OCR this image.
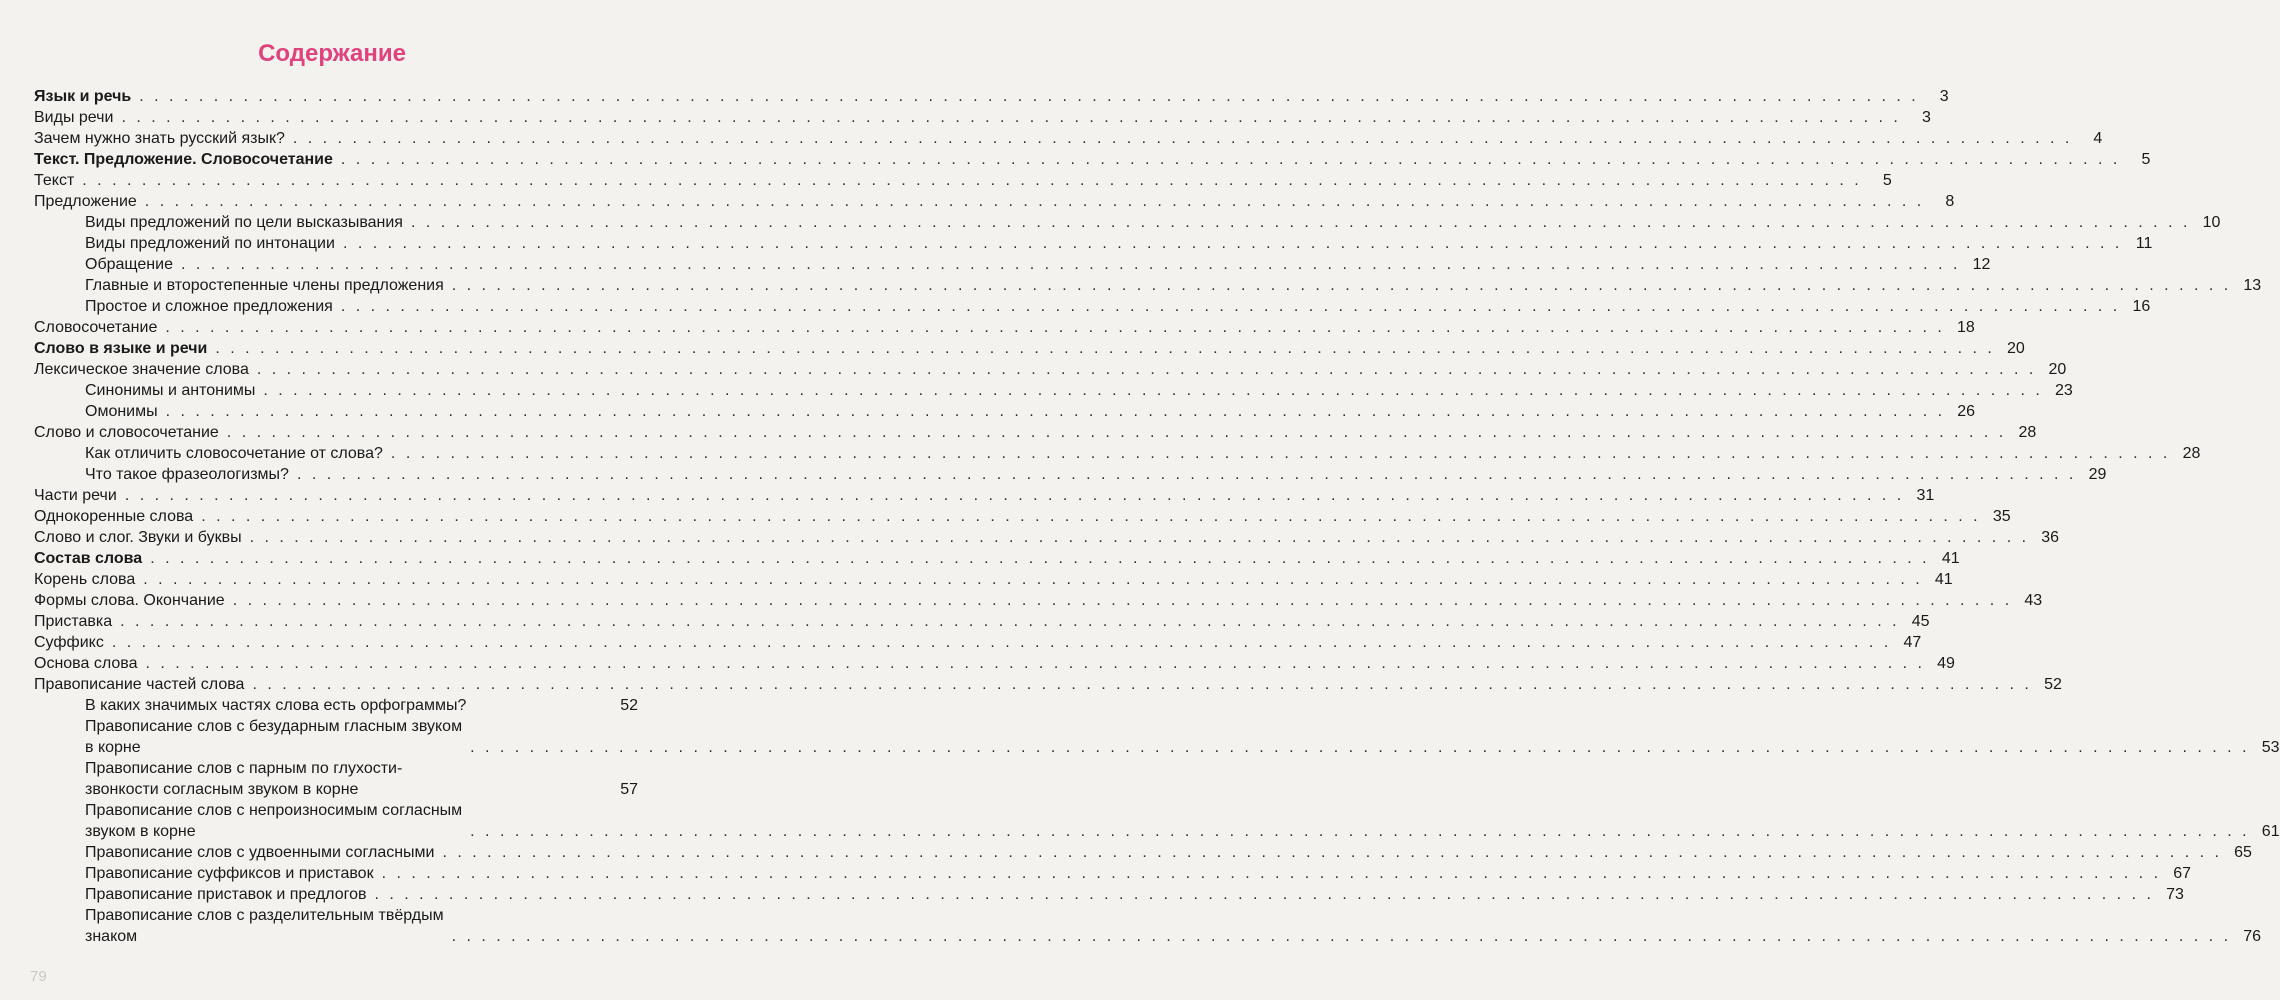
Содержание
Язык и речь . . . . . . . . . . . . . . . . . . . . . . . . . . . . . . . . . . . . . . . . . . . . . . . . . . . . . . . . . . . . . . . . . . . . . . . . . . . . . . . . . . . . . . . . . . . . . . . . . . . . . . . . . . . . . . . . . . . . . . . .	3
Виды речи . . . . . . . . . . . . . . . . . . . . . . . . . . . . . . . . . . . . . . . . . . . . . . . . . . . . . . . . . . . . . . . . . . . . . . . . . . . . . . . . . . . . . . . . . . . . . . . . . . . . . . . . . . . . . . . . . . . . . . . .	3
Зачем нужно знать русский язык? . . . . . . . . . . . . . . . . . . . . . . . . . . . . . . . . . . . . . . . . . . . . . . . . . . . . . . . . . . . . . . . . . . . . . . . . . . . . . . . . . . . . . . . . . . . . . . . . . . . . . . . . . . . . . . . . . . . . . . . .	4
Текст. Предложение. Словосочетание . . . . . . . . . . . . . . . . . . . . . . . . . . . . . . . . . . . . . . . . . . . . . . . . . . . . . . . . . . . . . . . . . . . . . . . . . . . . . . . . . . . . . . . . . . . . . . . . . . . . . . . . . . . . . . . . . . . . . . . .	5
Текст . . . . . . . . . . . . . . . . . . . . . . . . . . . . . . . . . . . . . . . . . . . . . . . . . . . . . . . . . . . . . . . . . . . . . . . . . . . . . . . . . . . . . . . . . . . . . . . . . . . . . . . . . . . . . . . . . . . . . . . .	5
Предложение . . . . . . . . . . . . . . . . . . . . . . . . . . . . . . . . . . . . . . . . . . . . . . . . . . . . . . . . . . . . . . . . . . . . . . . . . . . . . . . . . . . . . . . . . . . . . . . . . . . . . . . . . . . . . . . . . . . . . . . .	8
Виды предложений по цели высказывания . . . . . . . . . . . . . . . . . . . . . . . . . . . . . . . . . . . . . . . . . . . . . . . . . . . . . . . . . . . . . . . . . . . . . . . . . . . . . . . . . . . . . . . . . . . . . . . . . . . . . . . . . . . . . . . . . . . . . . . . 10
Виды предложений по интонации . . . . . . . . . . . . . . . . . . . . . . . . . . . . . . . . . . . . . . . . . . . . . . . . . . . . . . . . . . . . . . . . . . . . . . . . . . . . . . . . . . . . . . . . . . . . . . . . . . . . . . . . . . . . . . . . . . . . . . . . 11
Обращение . . . . . . . . . . . . . . . . . . . . . . . . . . . . . . . . . . . . . . . . . . . . . . . . . . . . . . . . . . . . . . . . . . . . . . . . . . . . . . . . . . . . . . . . . . . . . . . . . . . . . . . . . . . . . . . . . . . . . . . . 12
Главные и второстепенные члены предложения . . . . . . . . . . . . . . . . . . . . . . . . . . . . . . . . . . . . . . . . . . . . . . . . . . . . . . . . . . . . . . . . . . . . . . . . . . . . . . . . . . . . . . . . . . . . . . . . . . . . . . . . . . . . . . . . . . . . . . . . 13
Простое и сложное предложения . . . . . . . . . . . . . . . . . . . . . . . . . . . . . . . . . . . . . . . . . . . . . . . . . . . . . . . . . . . . . . . . . . . . . . . . . . . . . . . . . . . . . . . . . . . . . . . . . . . . . . . . . . . . . . . . . . . . . . . . 16
Словосочетание . . . . . . . . . . . . . . . . . . . . . . . . . . . . . . . . . . . . . . . . . . . . . . . . . . . . . . . . . . . . . . . . . . . . . . . . . . . . . . . . . . . . . . . . . . . . . . . . . . . . . . . . . . . . . . . . . . . . . . . . 18
Слово в языке и речи . . . . . . . . . . . . . . . . . . . . . . . . . . . . . . . . . . . . . . . . . . . . . . . . . . . . . . . . . . . . . . . . . . . . . . . . . . . . . . . . . . . . . . . . . . . . . . . . . . . . . . . . . . . . . . . . . . . . . . . . 20
Лексическое значение слова . . . . . . . . . . . . . . . . . . . . . . . . . . . . . . . . . . . . . . . . . . . . . . . . . . . . . . . . . . . . . . . . . . . . . . . . . . . . . . . . . . . . . . . . . . . . . . . . . . . . . . . . . . . . . . . . . . . . . . . . 20
Синонимы и антонимы . . . . . . . . . . . . . . . . . . . . . . . . . . . . . . . . . . . . . . . . . . . . . . . . . . . . . . . . . . . . . . . . . . . . . . . . . . . . . . . . . . . . . . . . . . . . . . . . . . . . . . . . . . . . . . . . . . . . . . . . 23
Омонимы . . . . . . . . . . . . . . . . . . . . . . . . . . . . . . . . . . . . . . . . . . . . . . . . . . . . . . . . . . . . . . . . . . . . . . . . . . . . . . . . . . . . . . . . . . . . . . . . . . . . . . . . . . . . . . . . . . . . . . . . 26
Слово и словосочетание . . . . . . . . . . . . . . . . . . . . . . . . . . . . . . . . . . . . . . . . . . . . . . . . . . . . . . . . . . . . . . . . . . . . . . . . . . . . . . . . . . . . . . . . . . . . . . . . . . . . . . . . . . . . . . . . . . . . . . . . 28
Как отличить словосочетание от слова? . . . . . . . . . . . . . . . . . . . . . . . . . . . . . . . . . . . . . . . . . . . . . . . . . . . . . . . . . . . . . . . . . . . . . . . . . . . . . . . . . . . . . . . . . . . . . . . . . . . . . . . . . . . . . . . . . . . . . . . . 28
Что такое фразеологизмы? . . . . . . . . . . . . . . . . . . . . . . . . . . . . . . . . . . . . . . . . . . . . . . . . . . . . . . . . . . . . . . . . . . . . . . . . . . . . . . . . . . . . . . . . . . . . . . . . . . . . . . . . . . . . . . . . . . . . . . . . 29
Части речи . . . . . . . . . . . . . . . . . . . . . . . . . . . . . . . . . . . . . . . . . . . . . . . . . . . . . . . . . . . . . . . . . . . . . . . . . . . . . . . . . . . . . . . . . . . . . . . . . . . . . . . . . . . . . . . . . . . . . . . . 31
Однокоренные слова . . . . . . . . . . . . . . . . . . . . . . . . . . . . . . . . . . . . . . . . . . . . . . . . . . . . . . . . . . . . . . . . . . . . . . . . . . . . . . . . . . . . . . . . . . . . . . . . . . . . . . . . . . . . . . . . . . . . . . . . 35
Слово и слог. Звуки и буквы . . . . . . . . . . . . . . . . . . . . . . . . . . . . . . . . . . . . . . . . . . . . . . . . . . . . . . . . . . . . . . . . . . . . . . . . . . . . . . . . . . . . . . . . . . . . . . . . . . . . . . . . . . . . . . . . . . . . . . . . 36
Состав слова . . . . . . . . . . . . . . . . . . . . . . . . . . . . . . . . . . . . . . . . . . . . . . . . . . . . . . . . . . . . . . . . . . . . . . . . . . . . . . . . . . . . . . . . . . . . . . . . . . . . . . . . . . . . . . . . . . . . . . . . 41
Корень слова . . . . . . . . . . . . . . . . . . . . . . . . . . . . . . . . . . . . . . . . . . . . . . . . . . . . . . . . . . . . . . . . . . . . . . . . . . . . . . . . . . . . . . . . . . . . . . . . . . . . . . . . . . . . . . . . . . . . . . . . 41
Формы слова. Окончание . . . . . . . . . . . . . . . . . . . . . . . . . . . . . . . . . . . . . . . . . . . . . . . . . . . . . . . . . . . . . . . . . . . . . . . . . . . . . . . . . . . . . . . . . . . . . . . . . . . . . . . . . . . . . . . . . . . . . . . . 43
Приставка . . . . . . . . . . . . . . . . . . . . . . . . . . . . . . . . . . . . . . . . . . . . . . . . . . . . . . . . . . . . . . . . . . . . . . . . . . . . . . . . . . . . . . . . . . . . . . . . . . . . . . . . . . . . . . . . . . . . . . . . 45
Суффикс . . . . . . . . . . . . . . . . . . . . . . . . . . . . . . . . . . . . . . . . . . . . . . . . . . . . . . . . . . . . . . . . . . . . . . . . . . . . . . . . . . . . . . . . . . . . . . . . . . . . . . . . . . . . . . . . . . . . . . . . 47
Основа слова . . . . . . . . . . . . . . . . . . . . . . . . . . . . . . . . . . . . . . . . . . . . . . . . . . . . . . . . . . . . . . . . . . . . . . . . . . . . . . . . . . . . . . . . . . . . . . . . . . . . . . . . . . . . . . . . . . . . . . . . 49
Правописание частей слова . . . . . . . . . . . . . . . . . . . . . . . . . . . . . . . . . . . . . . . . . . . . . . . . . . . . . . . . . . . . . . . . . . . . . . . . . . . . . . . . . . . . . . . . . . . . . . . . . . . . . . . . . . . . . . . . . . . . . . . . 52
В каких значимых частях слова есть орфограммы?	52
Правописание слов с безударным гласным звуком
в корне	. . . . . . . . . . . . . . . . . . . . . . . . . . . . . . . . . . . . . . . . . . . . . . . . . . . . . . . . . . . . . . . . . . . . . . . . . . . . . . . . . . . . . . . . . . . . . . . . . . . . . . . . . . . . . . . . . . . . . . . . 53
Правописание слов с парным по глухости-
звонкости согласным звуком в корне	57
Правописание слов с непроизносимым согласным
звуком в корне	. . . . . . . . . . . . . . . . . . . . . . . . . . . . . . . . . . . . . . . . . . . . . . . . . . . . . . . . . . . . . . . . . . . . . . . . . . . . . . . . . . . . . . . . . . . . . . . . . . . . . . . . . . . . . . . . . . . . . . . . 61
Правописание слов с удвоенными согласными . . . . . . . . . . . . . . . . . . . . . . . . . . . . . . . . . . . . . . . . . . . . . . . . . . . . . . . . . . . . . . . . . . . . . . . . . . . . . . . . . . . . . . . . . . . . . . . . . . . . . . . . . . . . . . . . . . . . . . . . 65
Правописание суффиксов и приставок . . . . . . . . . . . . . . . . . . . . . . . . . . . . . . . . . . . . . . . . . . . . . . . . . . . . . . . . . . . . . . . . . . . . . . . . . . . . . . . . . . . . . . . . . . . . . . . . . . . . . . . . . . . . . . . . . . . . . . . . 67
Правописание приставок и предлогов . . . . . . . . . . . . . . . . . . . . . . . . . . . . . . . . . . . . . . . . . . . . . . . . . . . . . . . . . . . . . . . . . . . . . . . . . . . . . . . . . . . . . . . . . . . . . . . . . . . . . . . . . . . . . . . . . . . . . . . . 73
Правописание слов с разделительным твёрдым
знаком	. . . . . . . . . . . . . . . . . . . . . . . . . . . . . . . . . . . . . . . . . . . . . . . . . . . . . . . . . . . . . . . . . . . . . . . . . . . . . . . . . . . . . . . . . . . . . . . . . . . . . . . . . . . . . . . . . . . . . . . . 76
79
